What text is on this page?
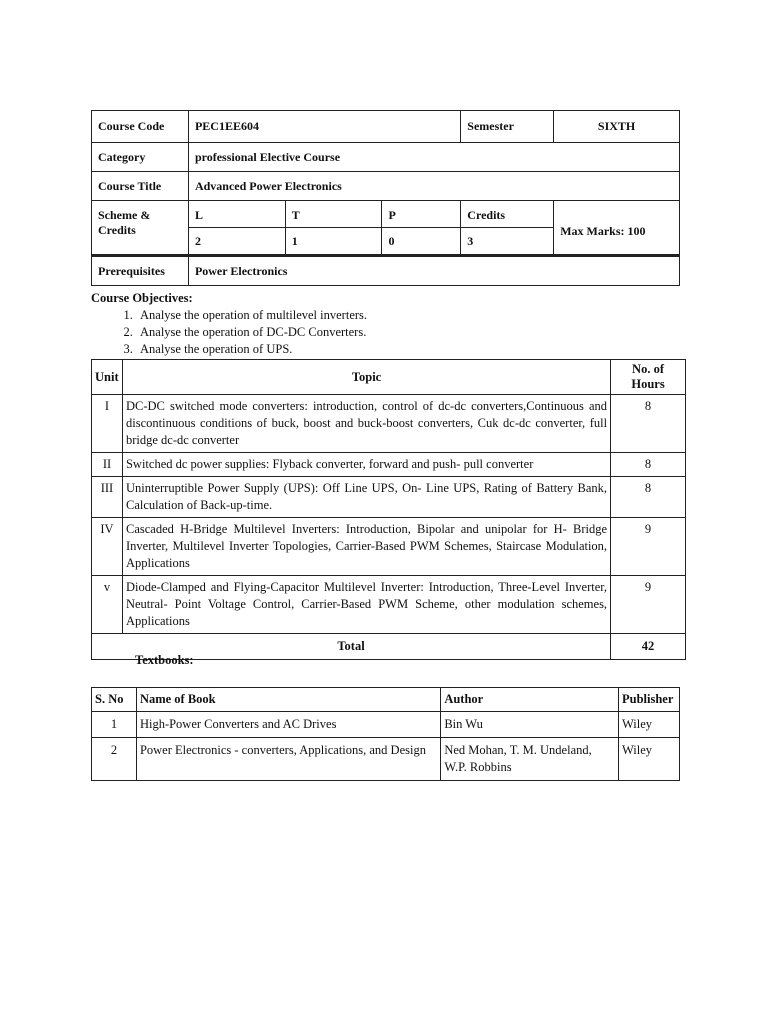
Course Code	PEC1EE604			Semester	SIXTH
Category	professional Elective Course				
Course Title	Advanced Power Electronics				
Scheme & Credits	L	T	P	Credits	Max Marks: 100
	2	1	0	3	
Prerequisites	Power Electronics				
Course Objectives:
1. Analyse the operation of multilevel inverters.
2. Analyse the operation of DC-DC Converters.
3. Analyse the operation of UPS.
Unit	Topic	No. of Hours
I	DC-DC switched mode converters: introduction, control of dc-dc converters,Continuous and discontinuous conditions of buck, boost and buck-boost converters, Cuk dc-dc converter, full bridge dc-dc converter	8
II	Switched dc power supplies: Flyback converter, forward and push- pull converter	8
III	Uninterruptible Power Supply (UPS): Off Line UPS, On- Line UPS, Rating of Battery Bank, Calculation of Back-up-time.	8
IV	Cascaded H-Bridge Multilevel Inverters: Introduction, Bipolar and unipolar for H- Bridge Inverter, Multilevel Inverter Topologies, Carrier-Based PWM Schemes, Staircase Modulation, Applications	9
v	Diode-Clamped and Flying-Capacitor Multilevel Inverter: Introduction, Three-Level Inverter, Neutral- Point Voltage Control, Carrier-Based PWM Scheme, other modulation schemes, Applications	9
Total		42
Textbooks:
S. No	Name of Book	Author	Publisher
1	High-Power Converters and AC Drives	Bin Wu	Wiley
2	Power Electronics - converters, Applications, and Design	Ned Mohan, T. M. Undeland, W.P. Robbins	Wiley
